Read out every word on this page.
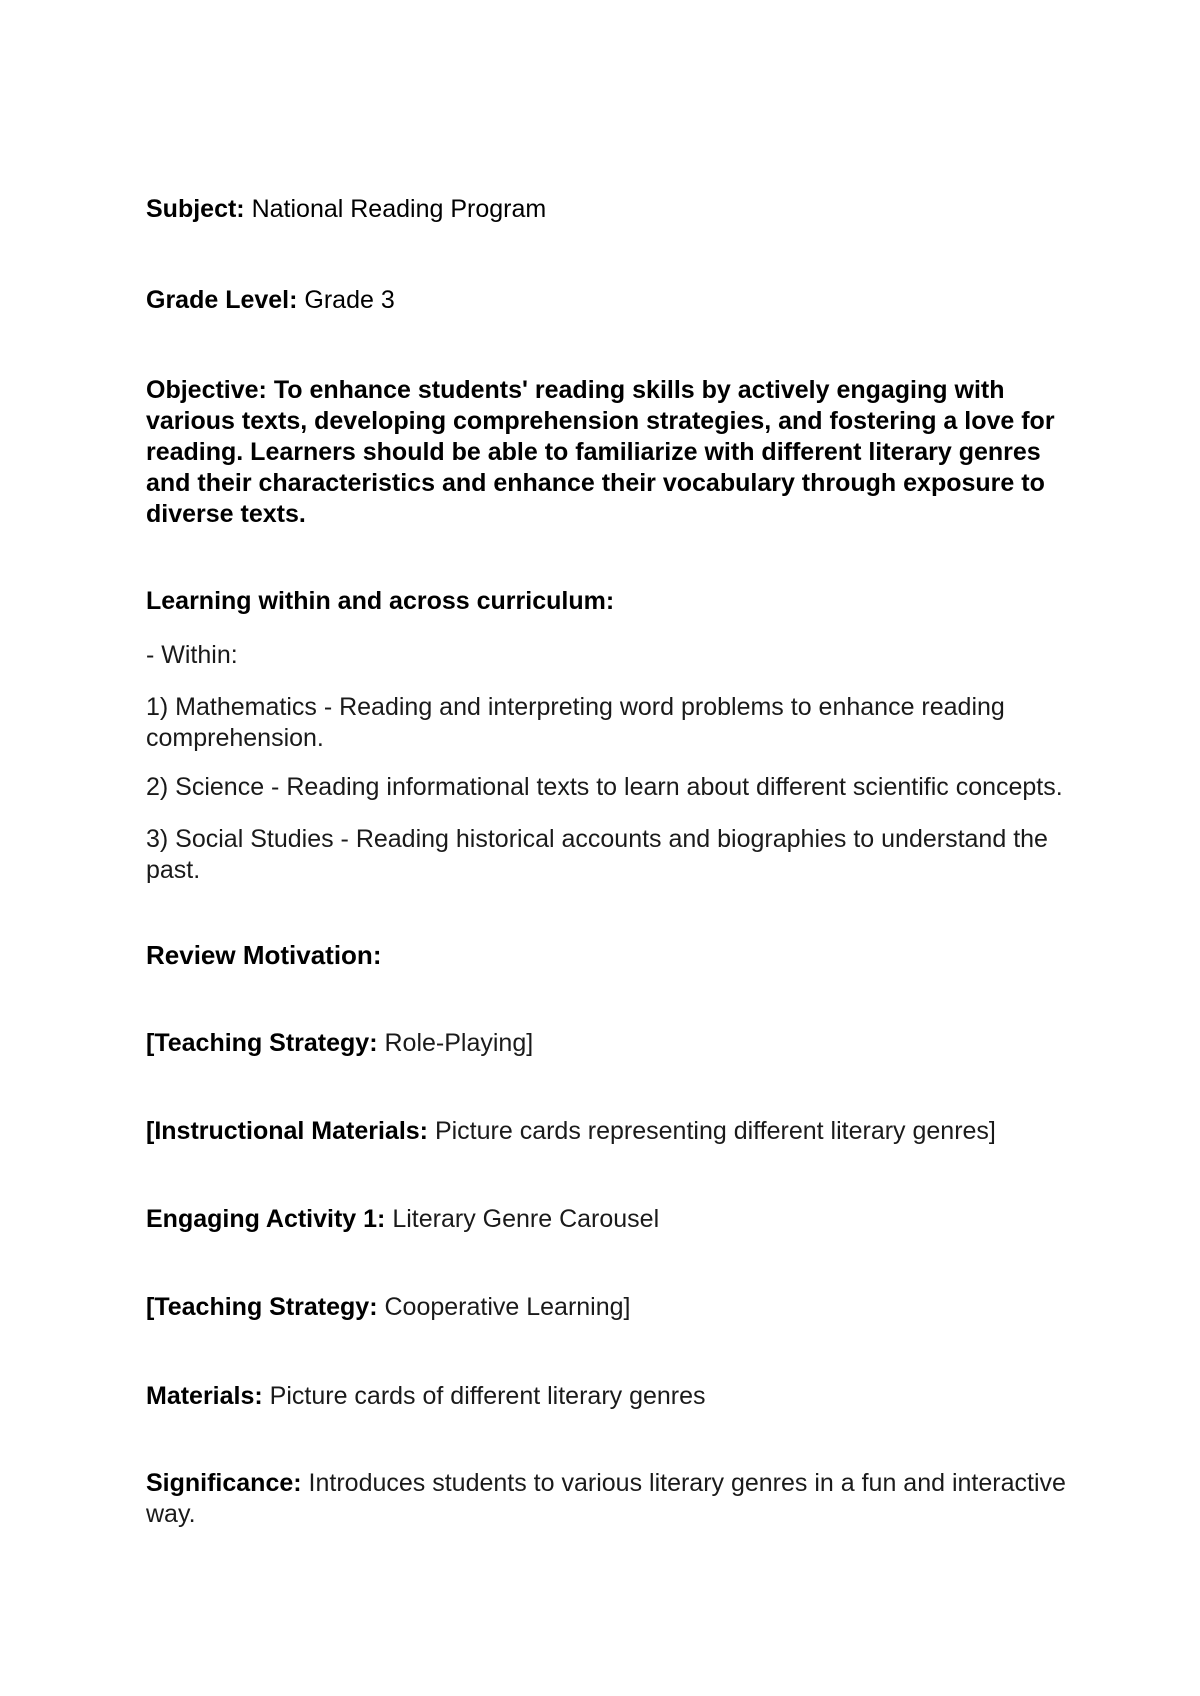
Subject: National Reading Program

Grade Level: Grade 3

Objective: To enhance students' reading skills by actively engaging with various texts, developing comprehension strategies, and fostering a love for reading. Learners should be able to familiarize with different literary genres and their characteristics and enhance their vocabulary through exposure to diverse texts.

Learning within and across curriculum:

- Within:

1) Mathematics - Reading and interpreting word problems to enhance reading comprehension.

2) Science - Reading informational texts to learn about different scientific concepts.

3) Social Studies - Reading historical accounts and biographies to understand the past.

Review Motivation:

[Teaching Strategy: Role-Playing]

[Instructional Materials: Picture cards representing different literary genres]

Engaging Activity 1: Literary Genre Carousel

[Teaching Strategy: Cooperative Learning]

Materials: Picture cards of different literary genres

Significance: Introduces students to various literary genres in a fun and interactive way.
